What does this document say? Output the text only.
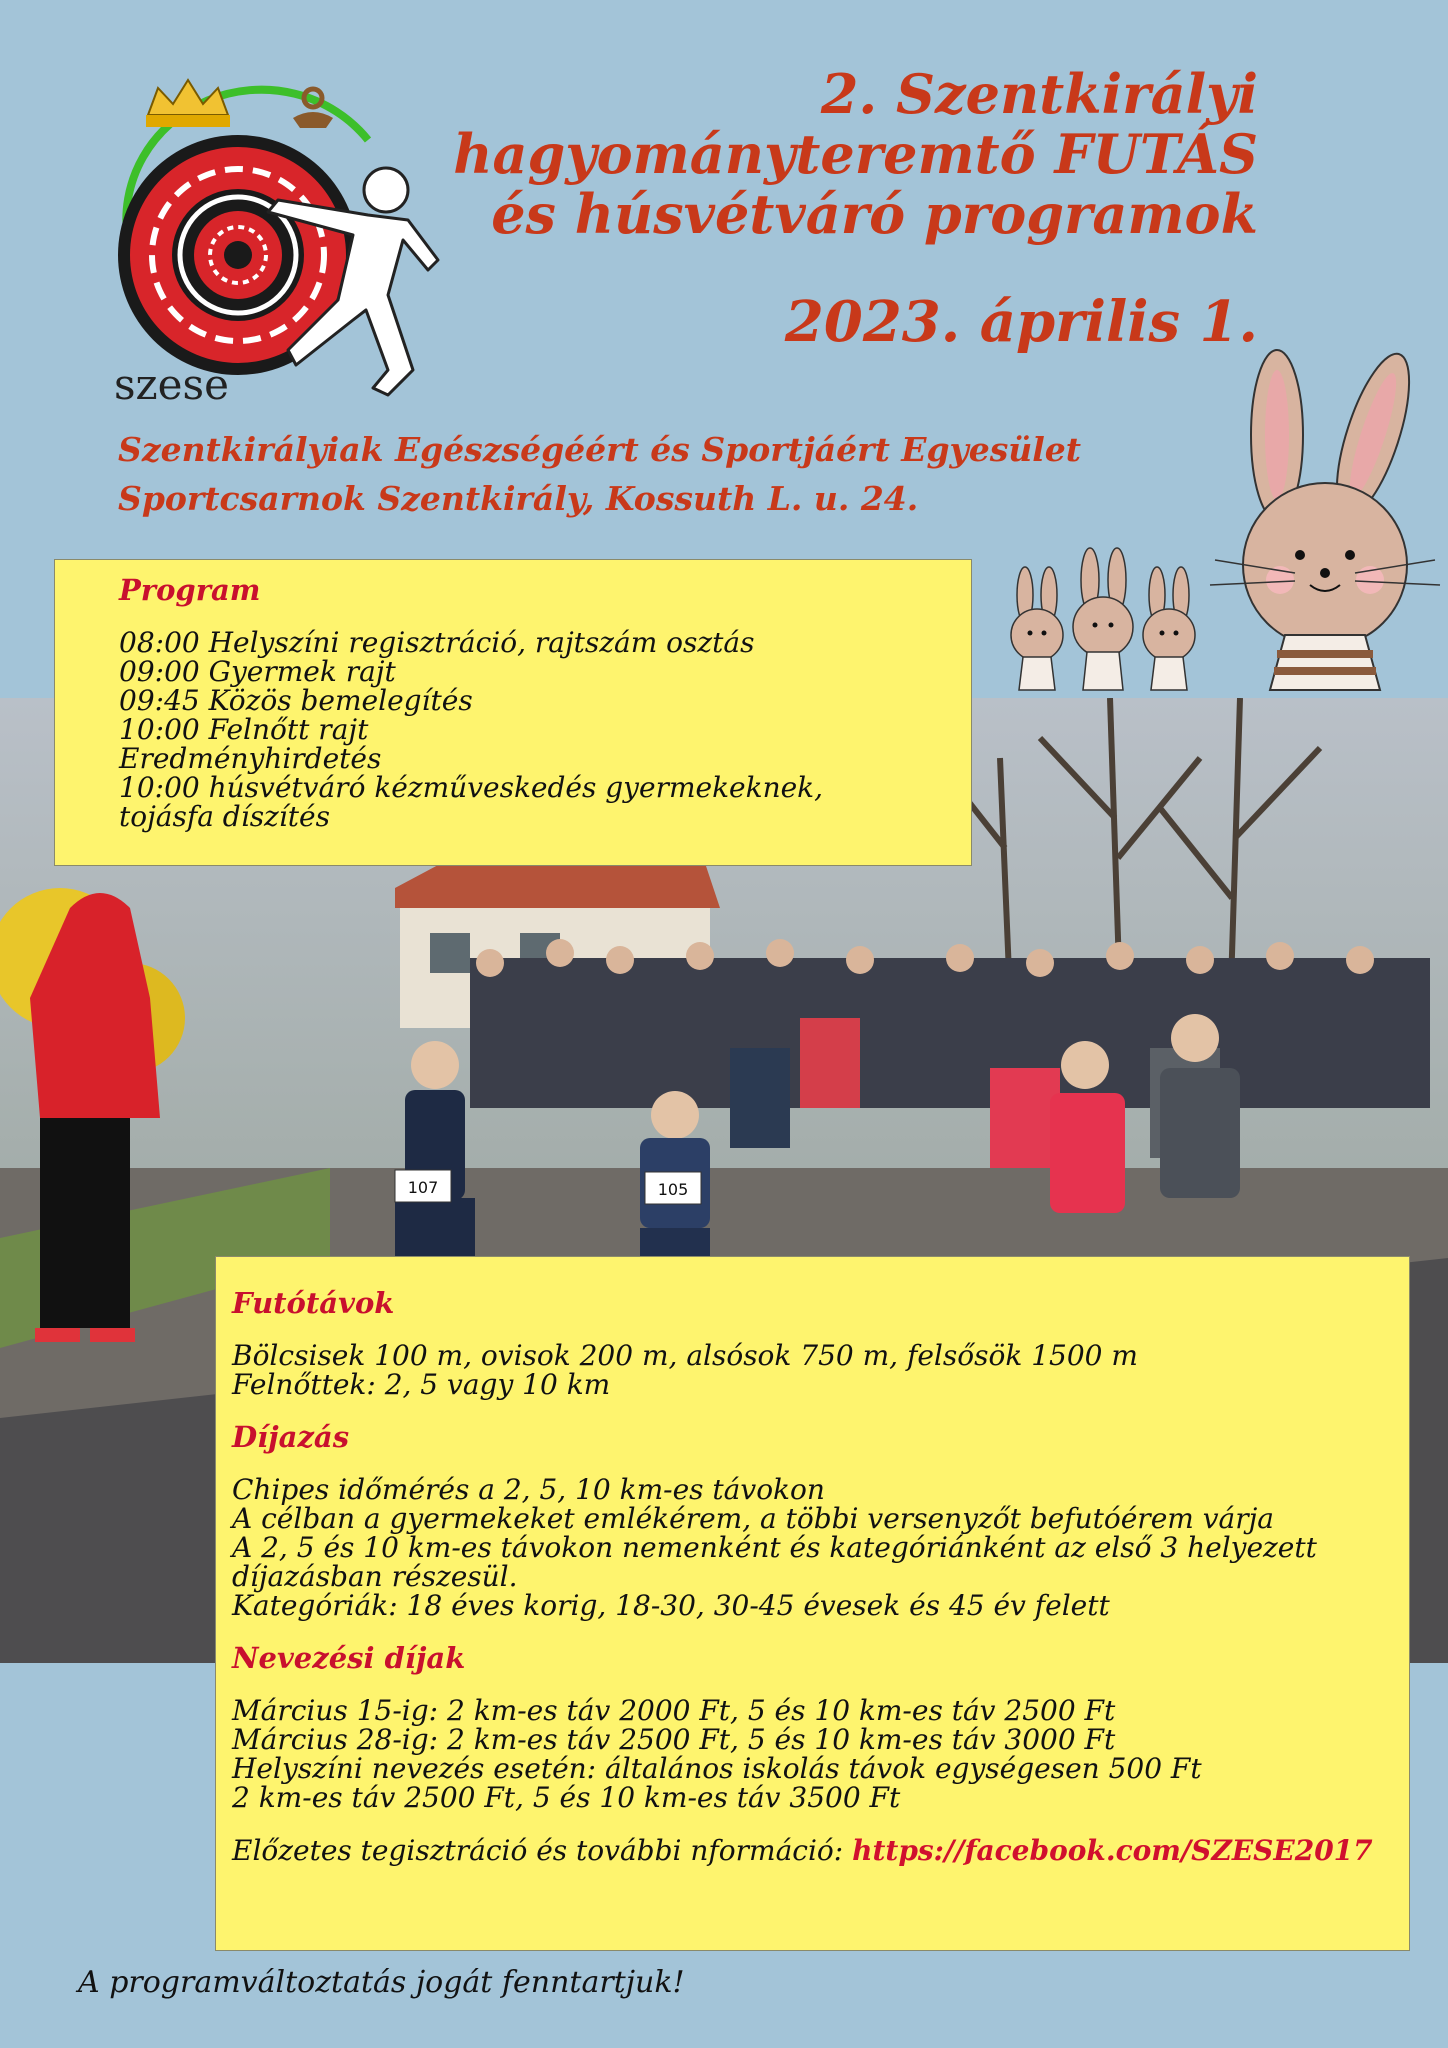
szese
2. Szentkirályi
hagyományteremtő FUTÁS
és húsvétváró programok
2023. április 1.
Szentkirályiak Egészségéért és Sportjáért Egyesület
Sportcsarnok Szentkirály, Kossuth L. u. 24.
107	105
Program
08:00 Helyszíni regisztráció, rajtszám osztás
09:00 Gyermek rajt
09:45 Közös bemelegítés
10:00 Felnőtt rajt
Eredményhirdetés
10:00 húsvétváró kézműveskedés gyermekeknek,
tojásfa díszítés
Futótávok
Bölcsisek 100 m, ovisok 200 m, alsósok 750 m, felsősök 1500 m
Felnőttek: 2, 5 vagy 10 km
Díjazás
Chipes időmérés a 2, 5, 10 km-es távokon
A célban a gyermekeket emlékérem, a többi versenyzőt befutóérem várja
A 2, 5 és 10 km-es távokon nemenként és kategóriánként az első 3 helyezett
díjazásban részesül.
Kategóriák: 18 éves korig, 18-30, 30-45 évesek és 45 év felett
Nevezési díjak
Március 15-ig: 2 km-es táv 2000 Ft, 5 és 10 km-es táv 2500 Ft
Március 28-ig: 2 km-es táv 2500 Ft, 5 és 10 km-es táv 3000 Ft
Helyszíni nevezés esetén: általános iskolás távok egységesen 500 Ft
2 km-es táv 2500 Ft, 5 és 10 km-es táv 3500 Ft
Előzetes tegisztráció és további nformáció: https://facebook.com/SZESE2017
A programváltoztatás jogát fenntartjuk!
